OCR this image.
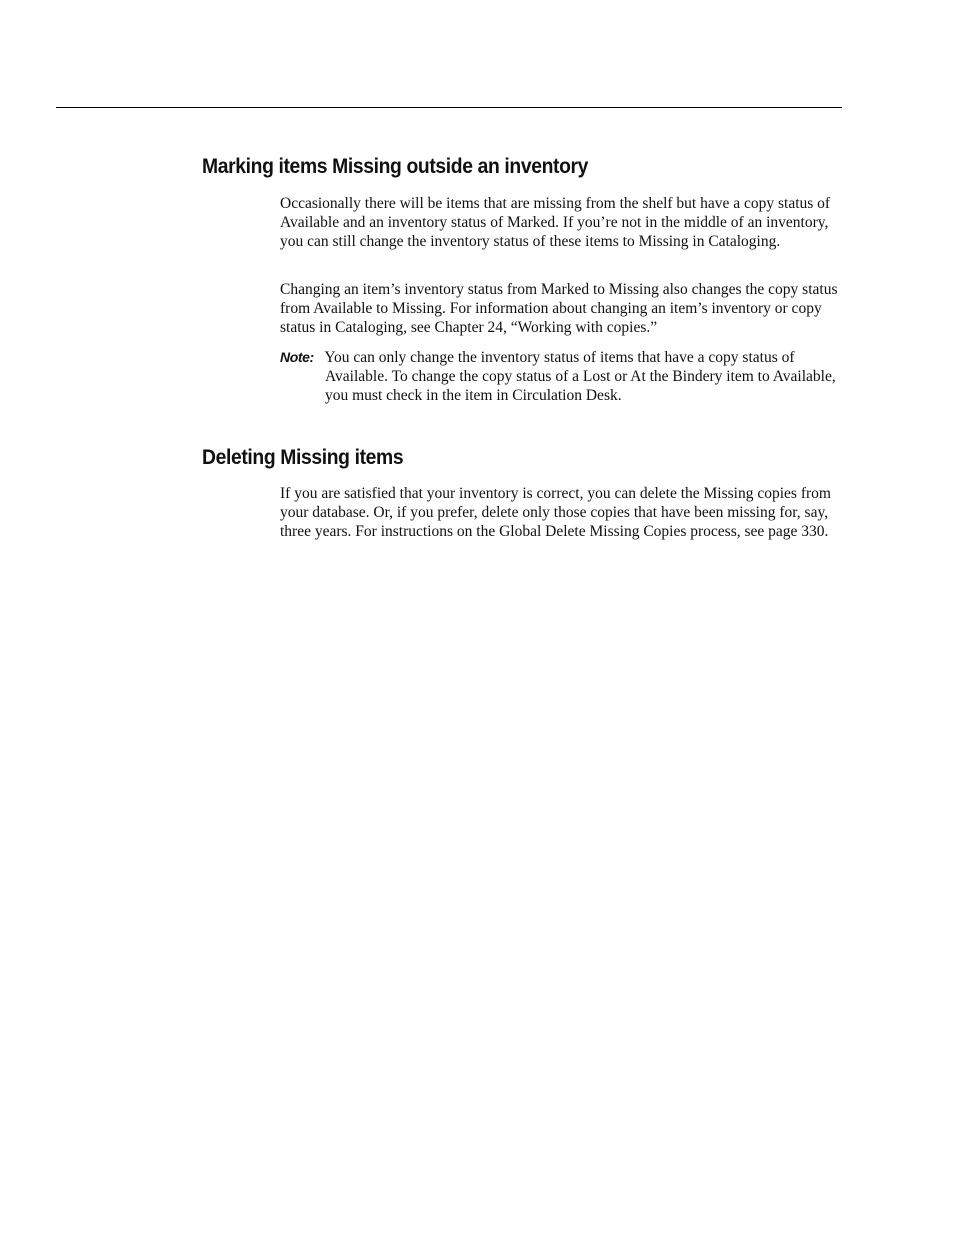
Marking items Missing outside an inventory

Occasionally there will be items that are missing from the shelf but have a copy status of Available and an inventory status of Marked. If you’re not in the middle of an inventory, you can still change the inventory status of these items to Missing in Cataloging.

Changing an item’s inventory status from Marked to Missing also changes the copy status from Available to Missing. For information about changing an item’s inventory or copy status in Cataloging, see Chapter 24, “Working with copies.”

Note: You can only change the inventory status of items that have a copy status of Available. To change the copy status of a Lost or At the Bindery item to Available, you must check in the item in Circulation Desk.

Deleting Missing items

If you are satisfied that your inventory is correct, you can delete the Missing copies from your database. Or, if you prefer, delete only those copies that have been missing for, say, three years. For instructions on the Global Delete Missing Copies process, see page 330.
